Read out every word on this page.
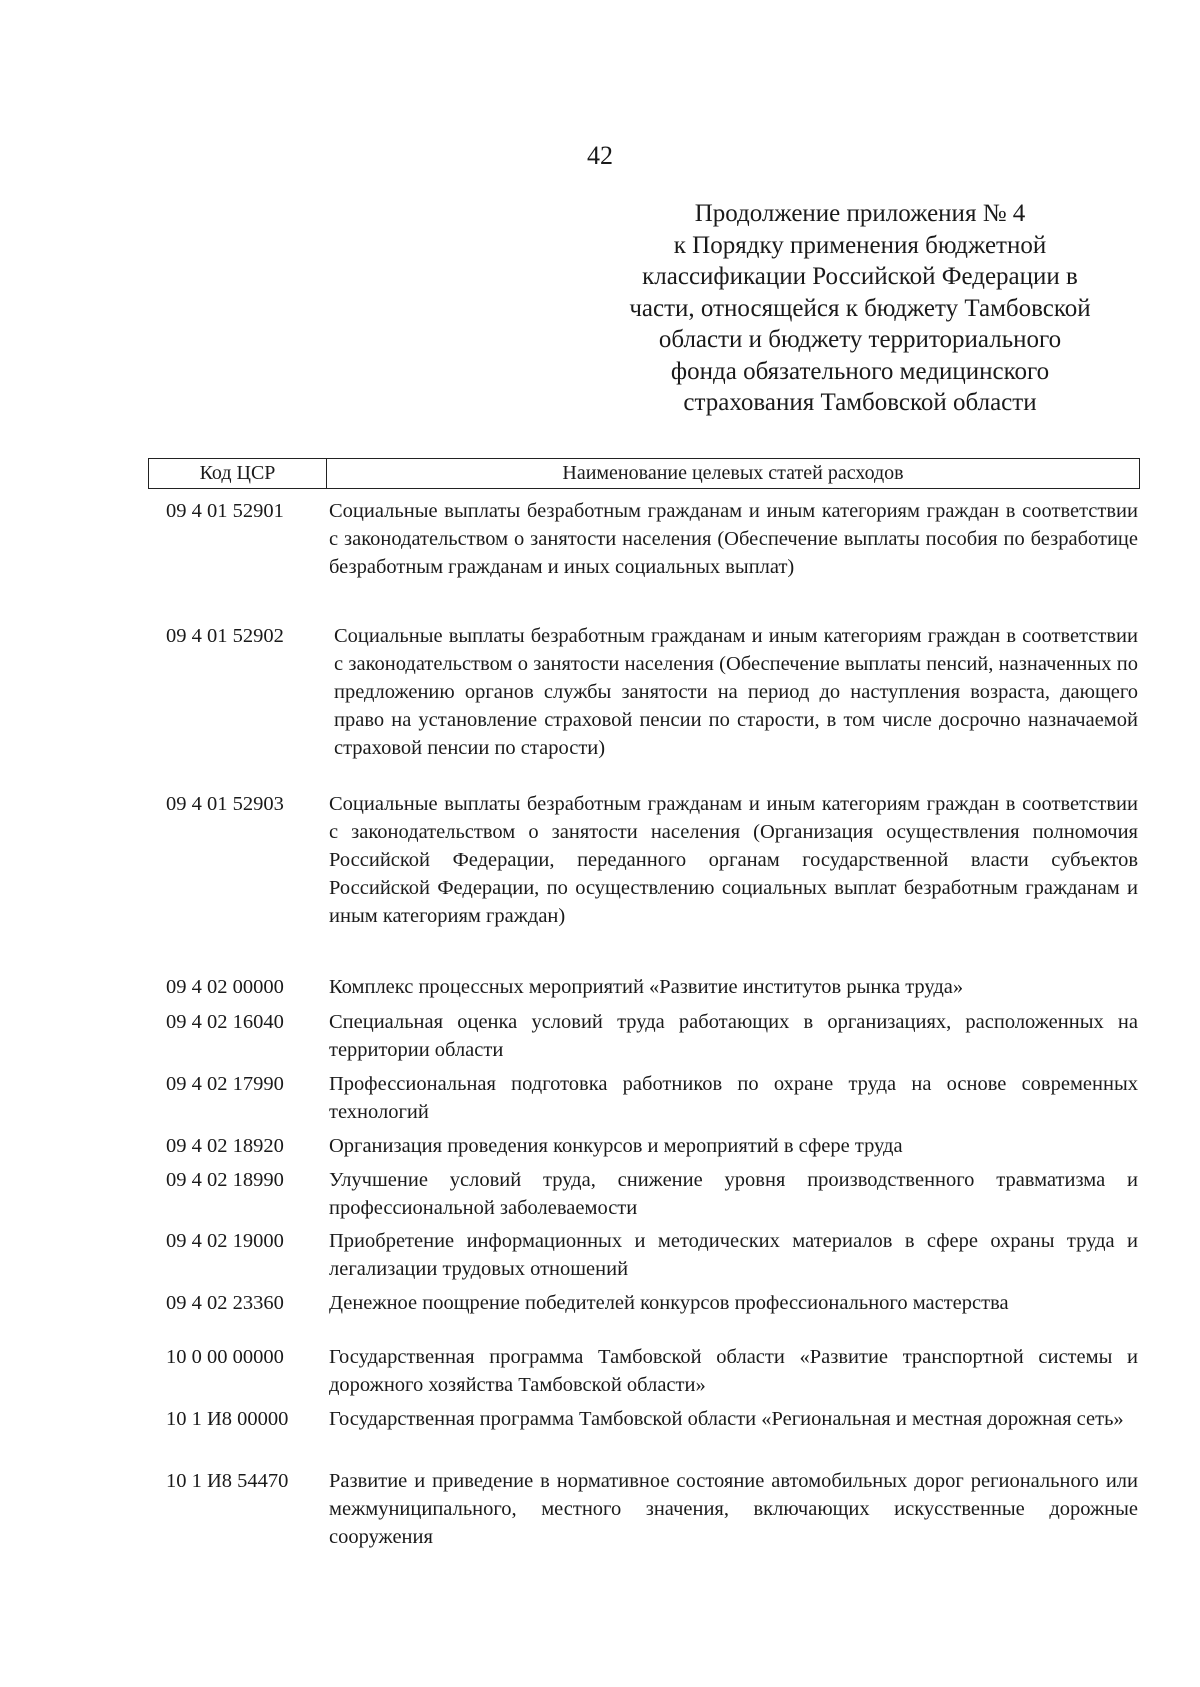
42
Продолжение приложения № 4
к Порядку применения бюджетной
классификации Российской Федерации в
части, относящейся к бюджету Тамбовской
области и бюджету территориального
фонда обязательного медицинского
страхования Тамбовской области
Код ЦСР	Наименование целевых статей расходов
09 4 01 52901	Социальные выплаты безработным гражданам и иным категориям граждан в соответствии с законодательством о занятости населения (Обеспечение выплаты пособия по безработице безработным гражданам и иных социальных выплат)
09 4 01 52902	Социальные выплаты безработным гражданам и иным категориям граждан в соответствии с законодательством о занятости населения (Обеспечение выплаты пенсий, назначенных по предложению органов службы занятости на период до наступления возраста, дающего право на установление страховой пенсии по старости, в том числе досрочно назначаемой страховой пенсии по старости)
09 4 01 52903	Социальные выплаты безработным гражданам и иным категориям граждан в соответствии с законодательством о занятости населения (Организация осуществления полномочия Российской Федерации, переданного органам государственной власти субъектов Российской Федерации, по осуществлению социальных выплат безработным гражданам и иным категориям граждан)
09 4 02 00000	Комплекс процессных мероприятий «Развитие институтов рынка труда»
09 4 02 16040	Специальная оценка условий труда работающих в организациях, расположенных на территории области
09 4 02 17990	Профессиональная подготовка работников по охране труда на основе современных технологий
09 4 02 18920	Организация проведения конкурсов и мероприятий в сфере труда
09 4 02 18990	Улучшение условий труда, снижение уровня производственного травматизма и профессиональной заболеваемости
09 4 02 19000	Приобретение информационных и методических материалов в сфере охраны труда и легализации трудовых отношений
09 4 02 23360	Денежное поощрение победителей конкурсов профессионального мастерства
10 0 00 00000	Государственная программа Тамбовской области «Развитие транспортной системы и дорожного хозяйства Тамбовской области»
10 1 И8 00000	Государственная программа Тамбовской области «Региональная и местная дорожная сеть»
10 1 И8 54470	Развитие и приведение в нормативное состояние автомобильных дорог регионального или межмуниципального, местного значения, включающих искусственные дорожные сооружения
